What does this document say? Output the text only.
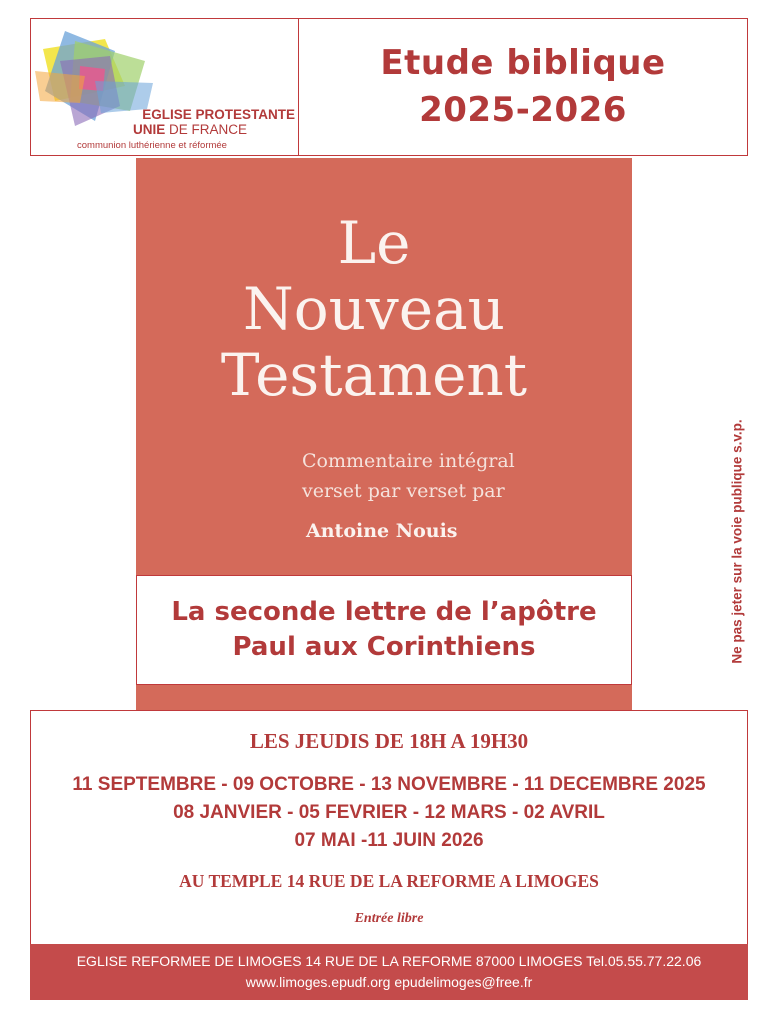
EGLISE PROTESTANTE
UNIE DE FRANCE
communion luthérienne et réformée
Etude biblique
2025-2026
Le
Nouveau
Testament
Commentaire intégral
verset par verset par
Antoine Nouis
La seconde lettre de l’apôtre
Paul aux Corinthiens	Ne pas jeter sur la voie publique s.v.p.
LES JEUDIS DE 18H A 19H30
11 SEPTEMBRE - 09 OCTOBRE - 13 NOVEMBRE - 11 DECEMBRE 2025
08 JANVIER - 05 FEVRIER - 12 MARS - 02 AVRIL
07 MAI -11 JUIN 2026
AU TEMPLE 14 RUE DE LA REFORME A LIMOGES
Entrée libre
EGLISE REFORMEE DE LIMOGES 14 RUE DE LA REFORME 87000 LIMOGES Tel.05.55.77.22.06
www.limoges.epudf.org epudelimoges@free.fr
